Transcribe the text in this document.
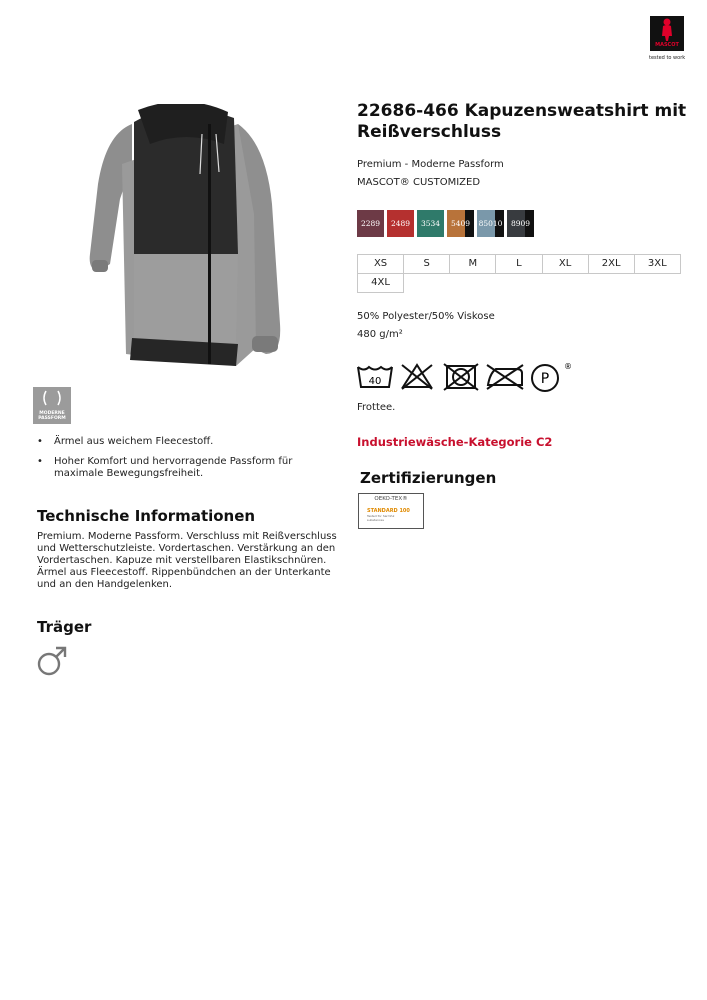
MASCOT
tested to work
MODERNE PASSFORM
22686-466 Kapuzensweatshirt mit Reißverschluss
Premium - Moderne Passform
MASCOT® CUSTOMIZED
2289	2489	3534	5409	85010	8909
XS	S	M	L	XL	2XL	3XL
4XL
50% Polyester/50% Viskose
480 g/m²
40	P
®
Frottee.
Industriewäsche-Kategorie C2
Zertifizierungen
OEKO-TEX®
STANDARD 100
Tested for harmful
substances
•	Ärmel aus weichem Fleecestoff.
•	Hoher Komfort und hervorragende Passform für maximale Bewegungsfreiheit.
Technische Informationen
Premium. Moderne Passform. Verschluss mit Reißverschluss und Wetterschutzleiste. Vordertaschen. Verstärkung an den Vordertaschen. Kapuze mit verstellbaren Elastikschnüren. Ärmel aus Fleecestoff. Rippenbündchen an der Unterkante und an den Handgelenken.
Träger
